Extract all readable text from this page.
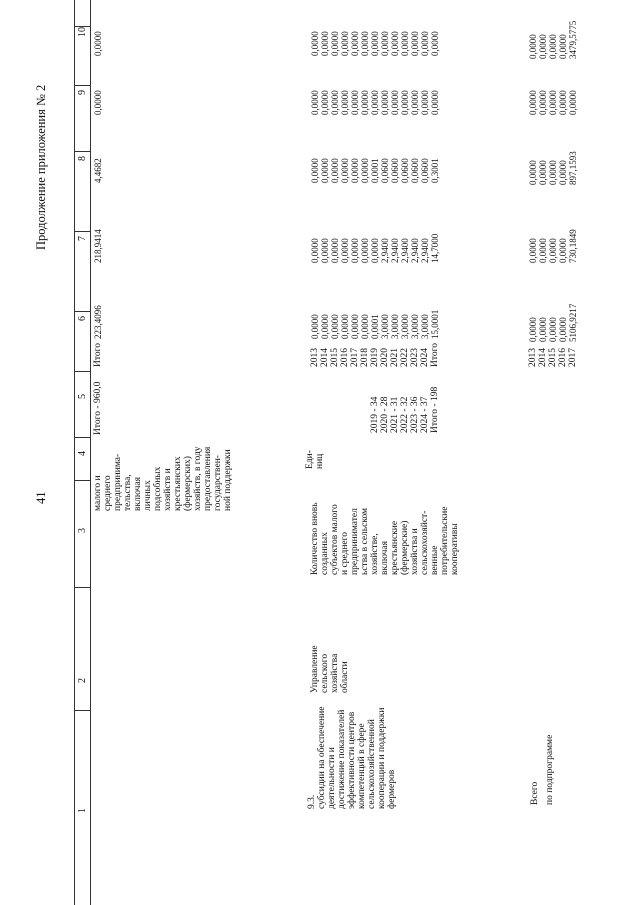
41
Продолжение приложения № 2
1
2
3
4
5
6
7
8
9
10
малого и среднего предпринима- тельства, включая личных подсобных хозяйств и крестьянских (фермерских) хозяйств, в году предоставления государствен- ной поддержки
Итого - 960,0
Итого
223,4096
218,9414
4,4682
0,0000
0,0000
9.3. субсидии на обеспечение деятельности и достижение показателей эффективности центров компетенций в сфере сельскохозяйственной кооперации и поддержки фермеров
Управление сельского хозяйства области
Количество вновь созданных субъектов малого и среднего предпринимател ьства в сельском хозяйстве, включая крестьянские (фермерские) хозяйства и сельскохозяйст- венные потребительские кооперативы
Еди- ниц
2019 - 34 2020 - 28 2021 - 31 2022 - 32 2023 - 36 2024 - 37 Итого - 198
2013 2014 2015 2016 2017 2018 2019 2020 2021 2022 2023 2024 Итого
0,0000 0,0000 0,0000 0,0000 0,0000 0,0000 0,0001 3,0000 3,0000 3,0000 3,0000 3,0000 15,0001
0,0000 0,0000 0,0000 0,0000 0,0000 0,0000 0,0000 2,9400 2,9400 2,9400 2,9400 2,9400 14,7000
0,0000 0,0000 0,0000 0,0000 0,0000 0,0000 0,0001 0,0600 0,0600 0,0600 0,0600 0,0600 0,3001
0,0000 0,0000 0,0000 0,0000 0,0000 0,0000 0,0000 0,0000 0,0000 0,0000 0,0000 0,0000 0,0000
0,0000 0,0000 0,0000 0,0000 0,0000 0,0000 0,0000 0,0000 0,0000 0,0000 0,0000 0,0000 0,0000
Всего по подпрограмме
2013 2014 2015 2016 2017
0,0000 0,0000 0,0000 0,0000 5106,9217
0,0000 0,0000 0,0000 0,0000 730,1849
0,0000 0,0000 0,0000 0,0000 897,1593
0,0000 0,0000 0,0000 0,0000 0,0000
0,0000 0,0000 0,0000 0,0000 3479,5775
